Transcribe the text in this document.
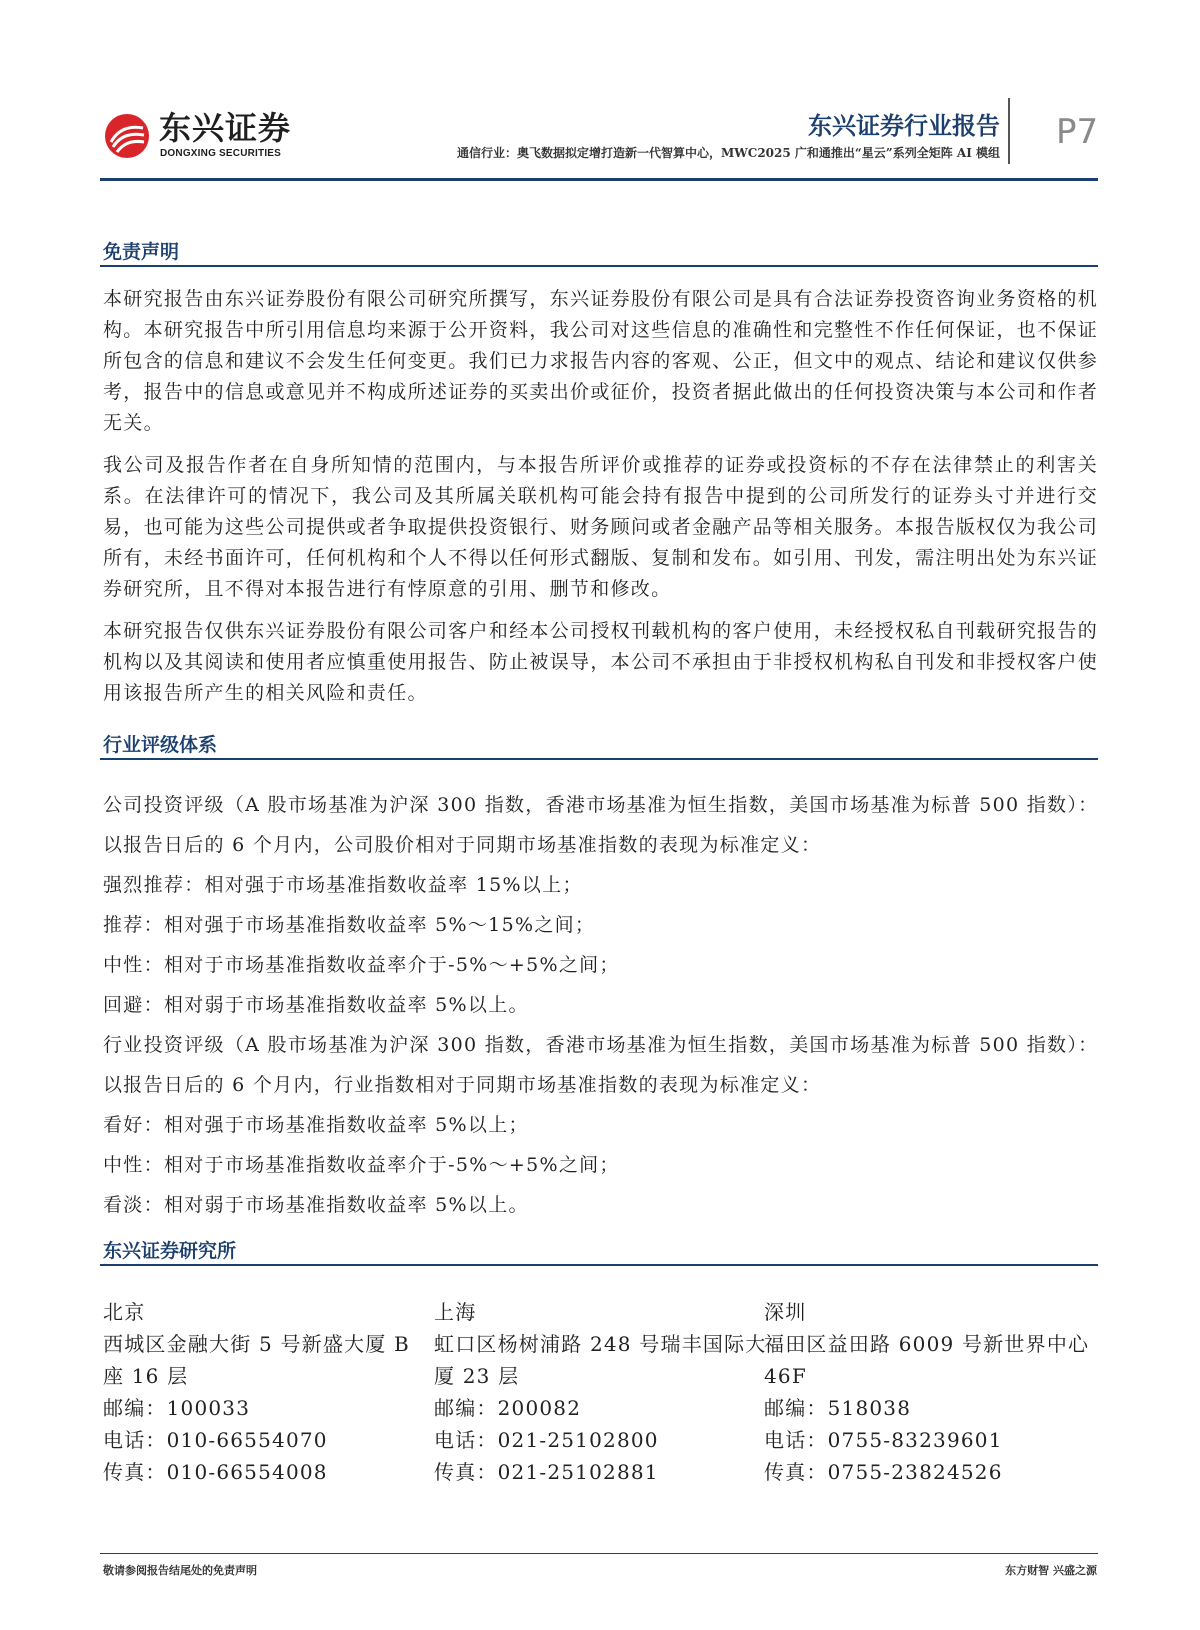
东兴证券
DONGXING SECURITIES
东兴证券行业报告
通信行业：奥飞数据拟定增打造新一代智算中心，MWC2025 广和通推出“星云”系列全矩阵 AI 模组
P7
免责声明

本研究报告由东兴证券股份有限公司研究所撰写，东兴证券股份有限公司是具有合法证券投资咨询业务资格的机构。本研究报告中所引用信息均来源于公开资料，我公司对这些信息的准确性和完整性不作任何保证，也不保证所包含的信息和建议不会发生任何变更。我们已力求报告内容的客观、公正，但文中的观点、结论和建议仅供参考，报告中的信息或意见并不构成所述证券的买卖出价或征价，投资者据此做出的任何投资决策与本公司和作者无关。

我公司及报告作者在自身所知情的范围内，与本报告所评价或推荐的证券或投资标的不存在法律禁止的利害关系。在法律许可的情况下，我公司及其所属关联机构可能会持有报告中提到的公司所发行的证券头寸并进行交易，也可能为这些公司提供或者争取提供投资银行、财务顾问或者金融产品等相关服务。本报告版权仅为我公司所有，未经书面许可，任何机构和个人不得以任何形式翻版、复制和发布。如引用、刊发，需注明出处为东兴证券研究所，且不得对本报告进行有悖原意的引用、删节和修改。

本研究报告仅供东兴证券股份有限公司客户和经本公司授权刊载机构的客户使用，未经授权私自刊载研究报告的机构以及其阅读和使用者应慎重使用报告、防止被误导，本公司不承担由于非授权机构私自刊发和非授权客户使用该报告所产生的相关风险和责任。

行业评级体系
公司投资评级（A 股市场基准为沪深 300 指数，香港市场基准为恒生指数，美国市场基准为标普 500 指数）：
以报告日后的 6 个月内，公司股价相对于同期市场基准指数的表现为标准定义：
强烈推荐：相对强于市场基准指数收益率 15%以上；
推荐：相对强于市场基准指数收益率 5%～15%之间；
中性：相对于市场基准指数收益率介于-5%～+5%之间；
回避：相对弱于市场基准指数收益率 5%以上。
行业投资评级（A 股市场基准为沪深 300 指数，香港市场基准为恒生指数，美国市场基准为标普 500 指数）：
以报告日后的 6 个月内，行业指数相对于同期市场基准指数的表现为标准定义：
看好：相对强于市场基准指数收益率 5%以上；
中性：相对于市场基准指数收益率介于-5%～+5%之间；
看淡：相对弱于市场基准指数收益率 5%以上。
东兴证券研究所
北京
西城区金融大街 5 号新盛大厦 B 座 16 层
邮编：100033
电话：010-66554070
传真：010-66554008
上海
虹口区杨树浦路 248 号瑞丰国际大厦 23 层
邮编：200082
电话：021-25102800
传真：021-25102881
深圳
福田区益田路 6009 号新世界中心 46F
邮编：518038
电话：0755-83239601
传真：0755-23824526
敬请参阅报告结尾处的免责声明	东方财智 兴盛之源
